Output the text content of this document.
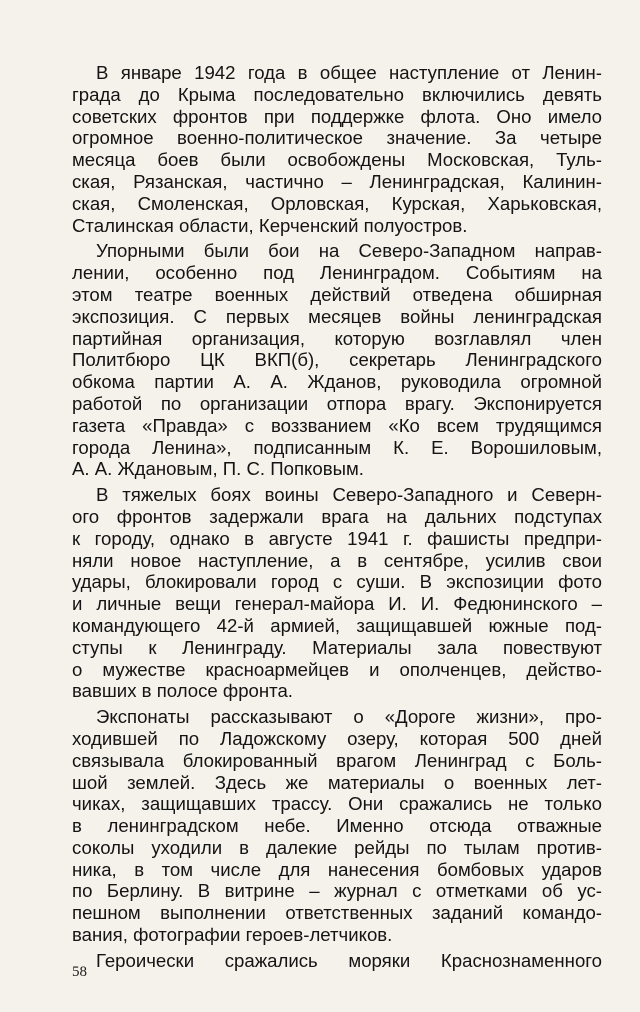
В январе 1942 года в общее наступление от Ленин-
града до Крыма последовательно включились девять
советских фронтов при поддержке флота. Оно имело
огромное военно-политическое значение. За четыре
месяца боев были освобождены Московская, Туль-
ская, Рязанская, частично – Ленинградская, Калинин-
ская, Смоленская, Орловская, Курская, Харьковская,
Сталинская области, Керченский полуостров.

Упорными были бои на Северо-Западном направ-
лении, особенно под Ленинградом. Событиям на
этом театре военных действий отведена обширная
экспозиция. С первых месяцев войны ленинградская
партийная организация, которую возглавлял член
Политбюро ЦК ВКП(б), секретарь Ленинградского
обкома партии А. А. Жданов, руководила огромной
работой по организации отпора врагу. Экспонируется
газета «Правда» с воззванием «Ко всем трудящимся
города Ленина», подписанным К. Е. Ворошиловым,
А. А. Ждановым, П. С. Попковым.

В тяжелых боях воины Северо-Западного и Северн-
ого фронтов задержали врага на дальних подступах
к городу, однако в августе 1941 г. фашисты предпри-
няли новое наступление, а в сентябре, усилив свои
удары, блокировали город с суши. В экспозиции фото
и личные вещи генерал-майора И. И. Федюнинского –
командующего 42-й армией, защищавшей южные под-
ступы к Ленинграду. Материалы зала повествуют
о мужестве красноармейцев и ополченцев, действо-
вавших в полосе фронта.

Экспонаты рассказывают о «Дороге жизни», про-
ходившей по Ладожскому озеру, которая 500 дней
связывала блокированный врагом Ленинград с Боль-
шой землей. Здесь же материалы о военных лет-
чиках, защищавших трассу. Они сражались не только
в ленинградском небе. Именно отсюда отважные
соколы уходили в далекие рейды по тылам против-
ника, в том числе для нанесения бомбовых ударов
по Берлину. В витрине – журнал с отметками об ус-
пешном выполнении ответственных заданий командо-
вания, фотографии героев-летчиков.

Героически сражались моряки Краснознаменного

58
